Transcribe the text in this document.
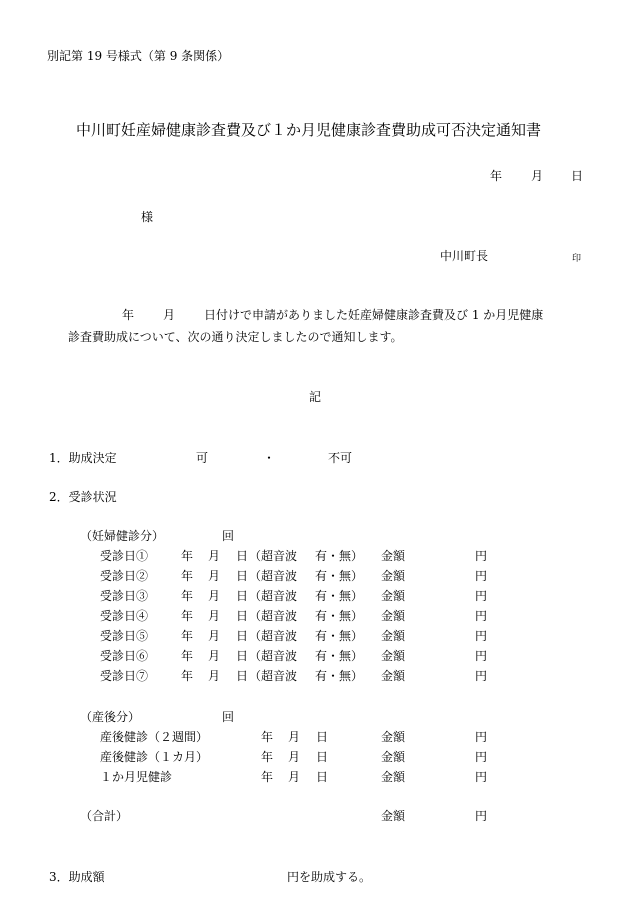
別記第 19 号様式（第 9 条関係）
中川町妊産婦健康診査費及び１か月児健康診査費助成可否決定通知書
年 月 日
様
中川町長	印
年 月 日付けで申請がありました妊産婦健康診査費及び 1 か月児健康
診査費助成について、次の通り決定しましたので通知します。
記
1．助成決定	可	・	不可
2．受診状況
（妊婦健診分）	回
受診日①	年 月 日 （超音波 有・無） 金額	円
受診日②	年 月 日 （超音波 有・無） 金額	円
受診日③	年 月 日 （超音波 有・無） 金額	円
受診日④	年 月 日 （超音波 有・無） 金額	円
受診日⑤	年 月 日 （超音波 有・無） 金額	円
受診日⑥	年 月 日 （超音波 有・無） 金額	円
受診日⑦	年 月 日 （超音波 有・無） 金額	円
（産後分）	回
産後健診（２週間）	年 月 日	金額	円
産後健診（１カ月）	年 月 日	金額	円
１か月児健診	年 月 日	金額	円
（合計）	金額	円
3．助成額	円を助成する。
